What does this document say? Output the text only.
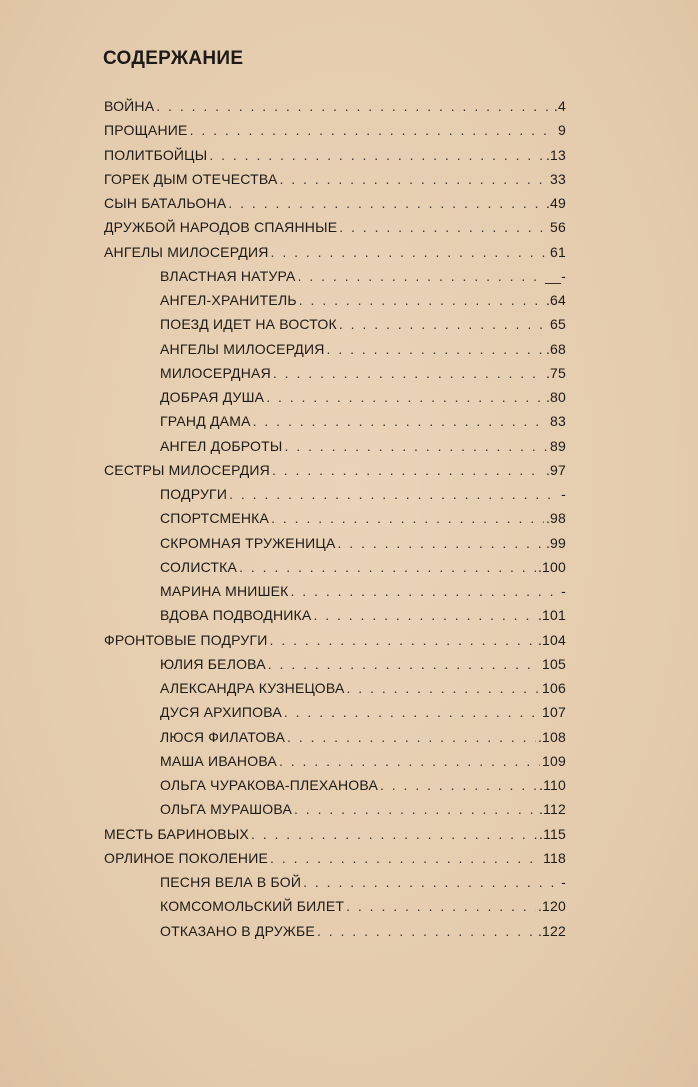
СОДЕРЖАНИЕ
ВОЙНА . . .	.4
ПРОЩАНИЕ . . .	9
ПОЛИТБОЙЦЫ . . .	.13
ГОРЕК ДЫМ ОТЕЧЕСТВА . . .	33
СЫН БАТАЛЬОНА . . .	.49
ДРУЖБОЙ НАРОДОВ СПАЯННЫЕ . . .	56
АНГЕЛЫ МИЛОСЕРДИЯ . . .	61
ВЛАСТНАЯ НАТУРА . . .	__-
АНГЕЛ-ХРАНИТЕЛЬ . . .	.64
ПОЕЗД ИДЕТ НА ВОСТОК . . .	65
АНГЕЛЫ МИЛОСЕРДИЯ . . .	.68
МИЛОСЕРДНАЯ . . .	.75
ДОБРАЯ ДУША . . .	.80
ГРАНД ДАМА . . .	83
АНГЕЛ ДОБРОТЫ . . .	89
СЕСТРЫ МИЛОСЕРДИЯ . . .	.97
ПОДРУГИ . . .	-
СПОРТСМЕНКА . . .	.98
СКРОМНАЯ ТРУЖЕНИЦА . . .	.99
СОЛИСТКА . . .	.100
МАРИНА МНИШЕК . . .	-
ВДОВА ПОДВОДНИКА . . .	.101
ФРОНТОВЫЕ ПОДРУГИ . . .	.104
ЮЛИЯ БЕЛОВА . . .	105
АЛЕКСАНДРА КУЗНЕЦОВА . . .	106
ДУСЯ АРХИПОВА . . .	107
ЛЮСЯ ФИЛАТОВА . . .	.108
МАША ИВАНОВА . . .	109
ОЛЬГА ЧУРАКОВА-ПЛЕХАНОВА . . .	.110
ОЛЬГА МУРАШОВА . . .	.112
МЕСТЬ БАРИНОВЫХ . . .	.115
ОРЛИНОЕ ПОКОЛЕНИЕ . . .	118
ПЕСНЯ ВЕЛА В БОЙ . . .	-
КОМСОМОЛЬСКИЙ БИЛЕТ . . .	.120
ОТКАЗАНО В ДРУЖБЕ . . .	.122
